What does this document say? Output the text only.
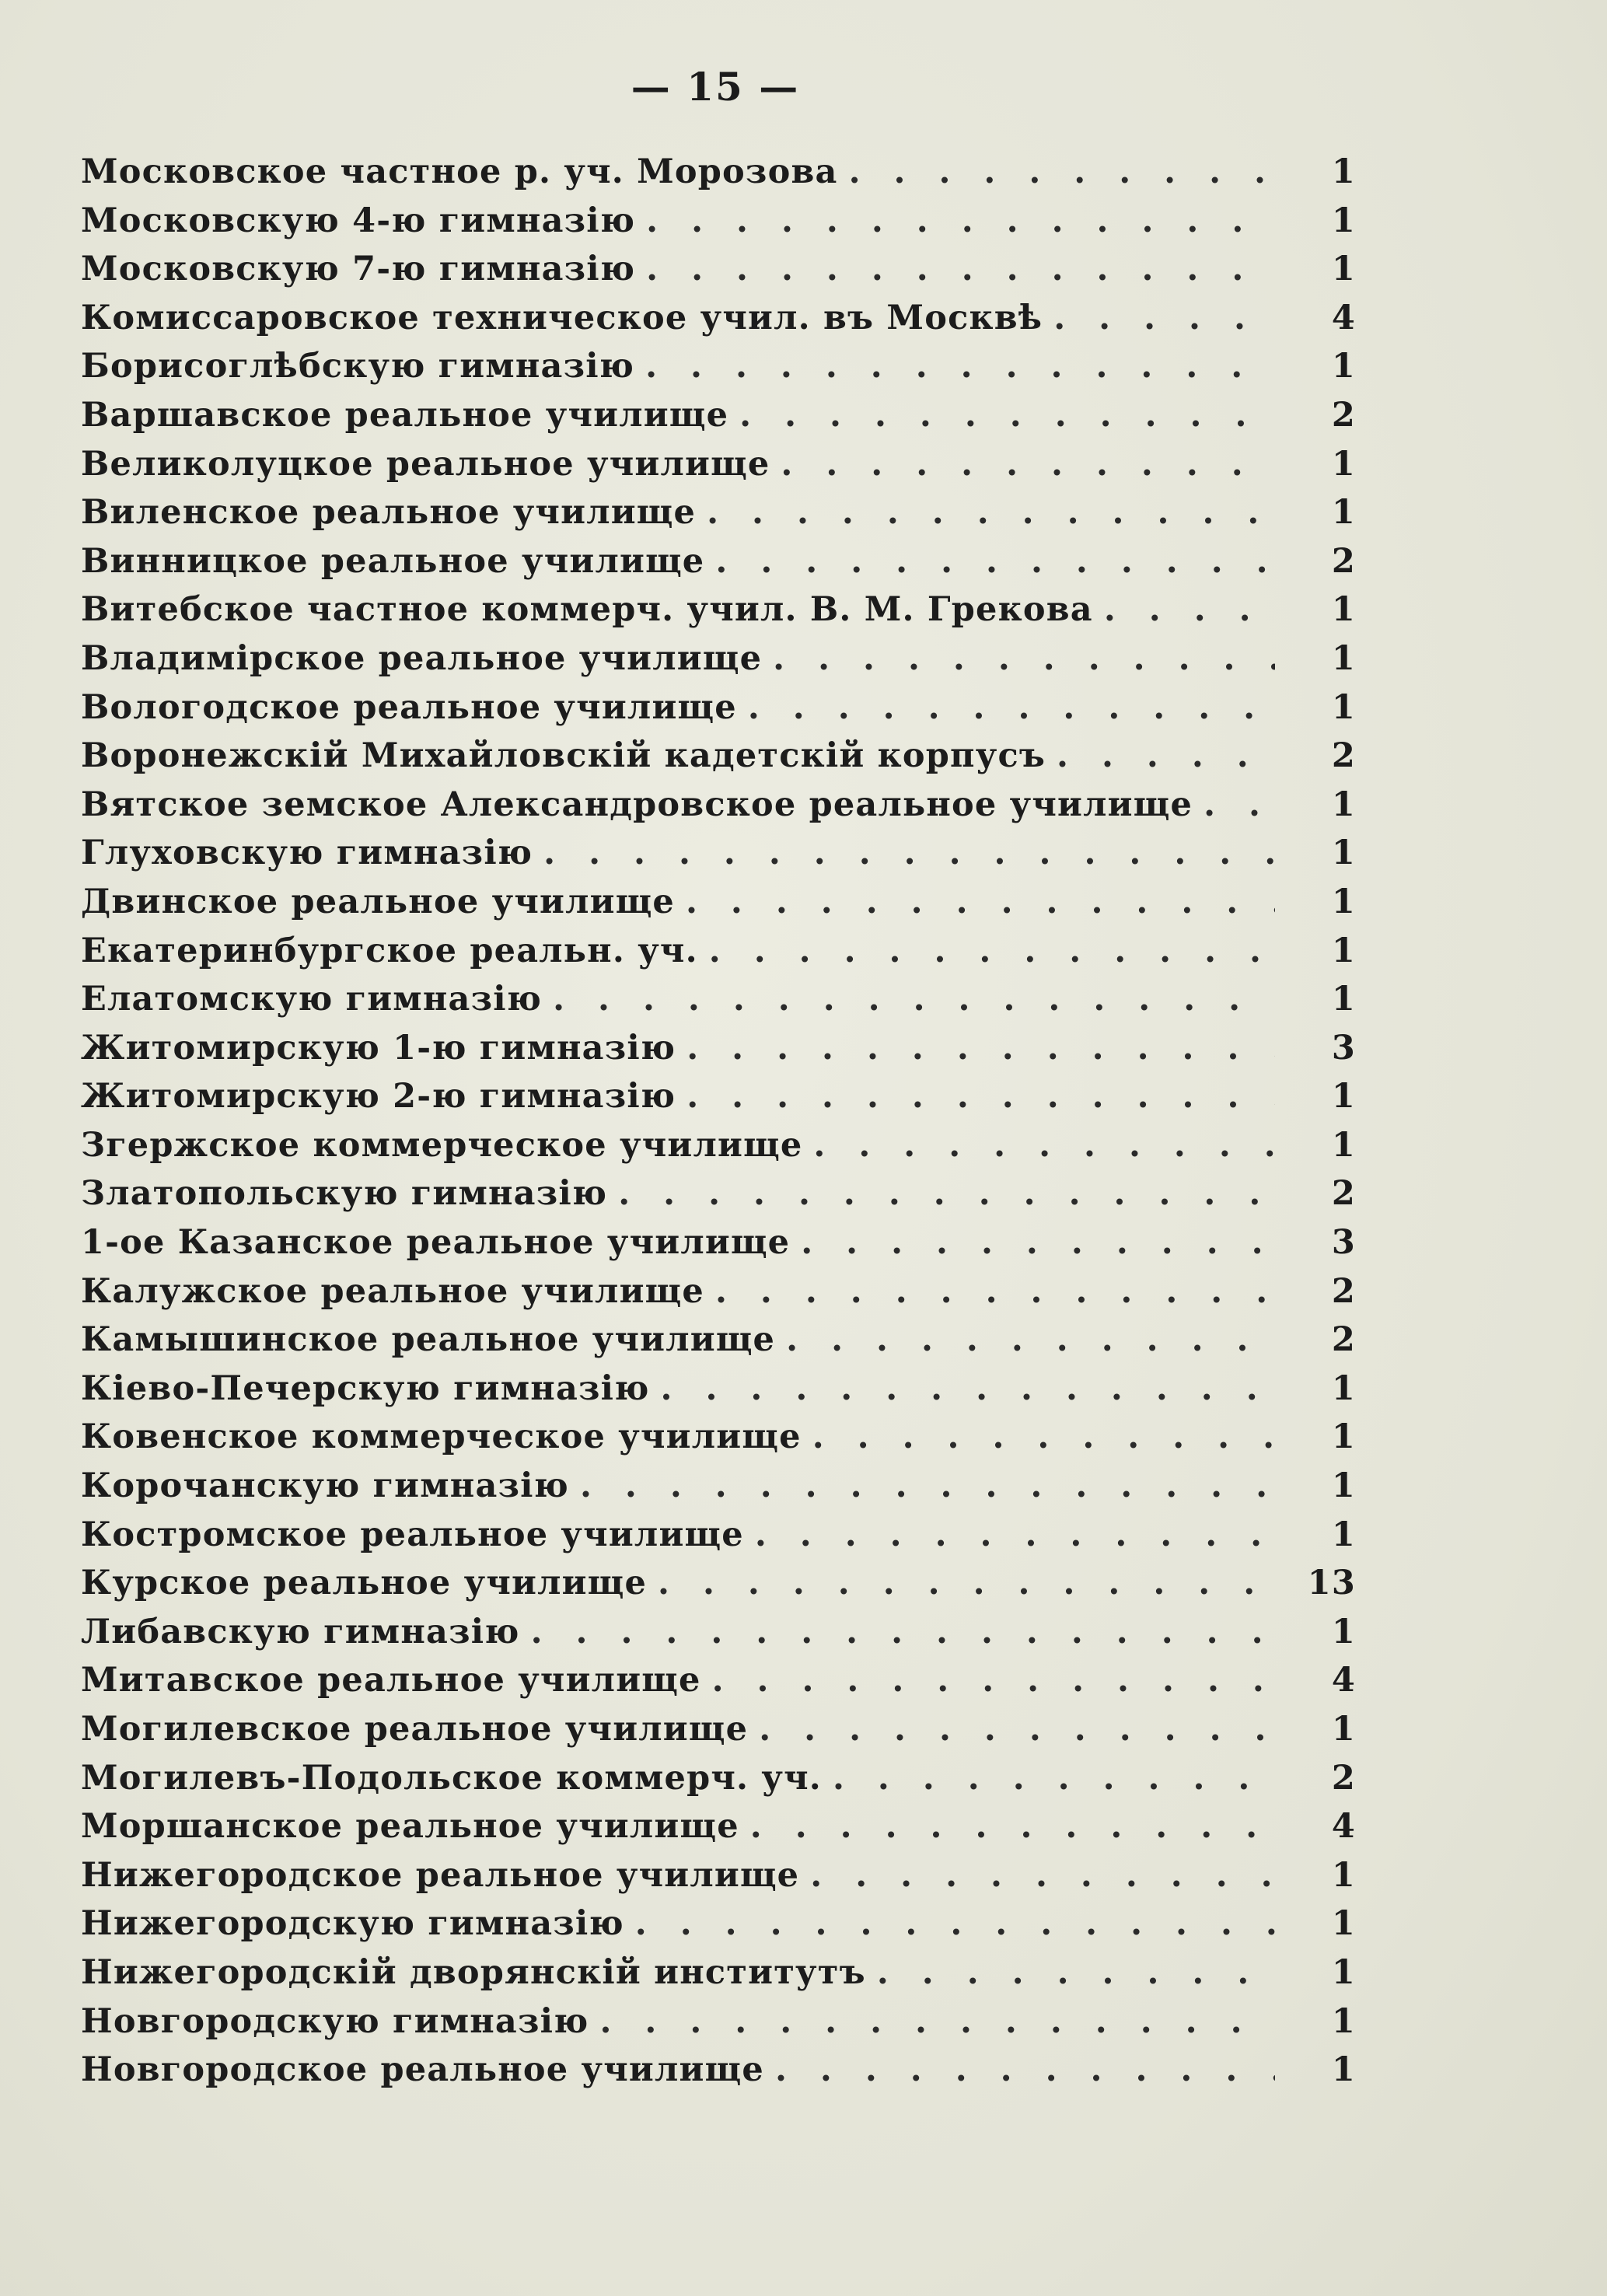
— 15 —
Московское частное р. уч. Морозова . . .	1
Московскую 4-ю гимназію . . .	1
Московскую 7-ю гимназію . . .	1
Комиссаровское техническое учил. въ Москвѣ . . .	4
Борисоглѣбскую гимназію . . .	1
Варшавское реальное училище . . .	2
Великолуцкое реальное училище . . .	1
Виленское реальное училище . . .	1
Винницкое реальное училище . . .	2
Витебское частное коммерч. учил. В. М. Грекова . . .	1
Владимірское реальное училище . . .	1
Вологодское реальное училище . . .	1
Воронежскій Михайловскій кадетскій корпусъ . . .	2
Вятское земское Александровское реальное училище . . .	1
Глуховскую гимназію . . .	1
Двинское реальное училище . . .	1
Екатеринбургское реальн. уч. . . .	1
Елатомскую гимназію . . .	1
Житомирскую 1-ю гимназію . . .	3
Житомирскую 2-ю гимназію . . .	1
Згержское коммерческое училище . . .	1
Златопольскую гимназію . . .	2
1-ое Казанское реальное училище . . .	3
Калужское реальное училище . . .	2
Камышинское реальное училище . . .	2
Кіево-Печерскую гимназію . . .	1
Ковенское коммерческое училище . . .	1
Корочанскую гимназію . . .	1
Костромское реальное училище . . .	1
Курское реальное училище . . .	13
Либавскую гимназію . . .	1
Митавское реальное училище . . .	4
Могилевское реальное училище . . .	1
Могилевъ-Подольское коммерч. уч. . . .	2
Моршанское реальное училище . . .	4
Нижегородское реальное училище . . .	1
Нижегородскую гимназію . . .	1
Нижегородскій дворянскій институтъ . . .	1
Новгородскую гимназію . . .	1
Новгородское реальное училище . . .	1
